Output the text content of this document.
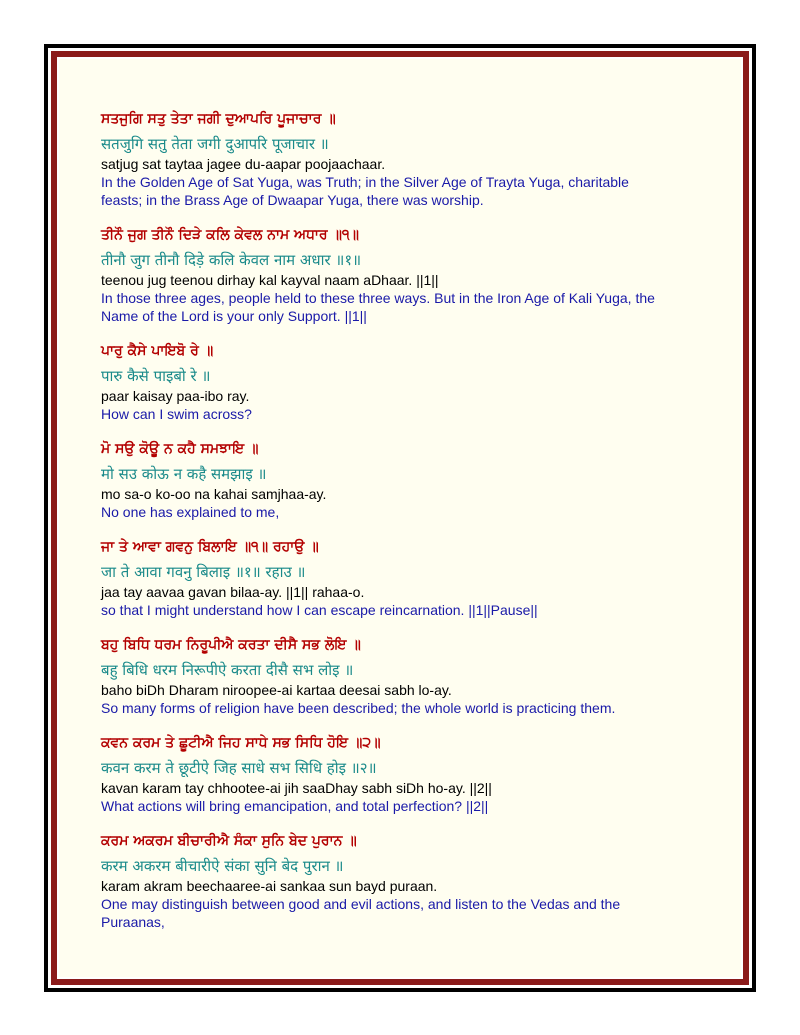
ਸਤਜੁਗਿ ਸਤੁ ਤੇਤਾ ਜਗੀ ਦੁਆਪਰਿ ਪੂਜਾਚਾਰ ॥

सतजुगि सतु तेता जगी दुआपरि पूजाचार ॥

satjug sat taytaa jagee du-aapar poojaachaar.

In the Golden Age of Sat Yuga, was Truth; in the Silver Age of Trayta Yuga, charitable

feasts; in the Brass Age of Dwaapar Yuga, there was worship.

ਤੀਨੌ ਜੁਗ ਤੀਨੌ ਦਿੜੇ ਕਲਿ ਕੇਵਲ ਨਾਮ ਅਧਾਰ ॥੧॥

तीनौ जुग तीनौ दिड़े कलि केवल नाम अधार ॥१॥

teenou jug teenou dirhay kal kayval naam aDhaar. ||1||

In those three ages, people held to these three ways. But in the Iron Age of Kali Yuga, the

Name of the Lord is your only Support. ||1||

ਪਾਰੁ ਕੈਸੇ ਪਾਇਬੋ ਰੇ ॥

पारु कैसे पाइबो रे ॥

paar kaisay paa-ibo ray.

How can I swim across?

ਮੋ ਸਉ ਕੋਊ ਨ ਕਹੈ ਸਮਝਾਇ ॥

मो सउ कोऊ न कहै समझाइ ॥

mo sa-o ko-oo na kahai samjhaa-ay.

No one has explained to me,

ਜਾ ਤੇ ਆਵਾ ਗਵਨੁ ਬਿਲਾਇ ॥੧॥ ਰਹਾਉ ॥

जा ते आवा गवनु बिलाइ ॥१॥ रहाउ ॥

jaa tay aavaa gavan bilaa-ay. ||1|| rahaa-o.

so that I might understand how I can escape reincarnation. ||1||Pause||

ਬਹੁ ਬਿਧਿ ਧਰਮ ਨਿਰੂਪੀਐ ਕਰਤਾ ਦੀਸੈ ਸਭ ਲੋਇ ॥

बहु बिधि धरम निरूपीऐ करता दीसै सभ लोइ ॥

baho biDh Dharam niroopee-ai kartaa deesai sabh lo-ay.

So many forms of religion have been described; the whole world is practicing them.

ਕਵਨ ਕਰਮ ਤੇ ਛੂਟੀਐ ਜਿਹ ਸਾਧੇ ਸਭ ਸਿਧਿ ਹੋਇ ॥੨॥

कवन करम ते छूटीऐ जिह साधे सभ सिधि होइ ॥२॥

kavan karam tay chhootee-ai jih saaDhay sabh siDh ho-ay. ||2||

What actions will bring emancipation, and total perfection? ||2||

ਕਰਮ ਅਕਰਮ ਬੀਚਾਰੀਐ ਸੰਕਾ ਸੁਨਿ ਬੇਦ ਪੁਰਾਨ ॥

करम अकरम बीचारीऐ संका सुनि बेद पुरान ॥

karam akram beechaaree-ai sankaa sun bayd puraan.

One may distinguish between good and evil actions, and listen to the Vedas and the

Puraanas,
